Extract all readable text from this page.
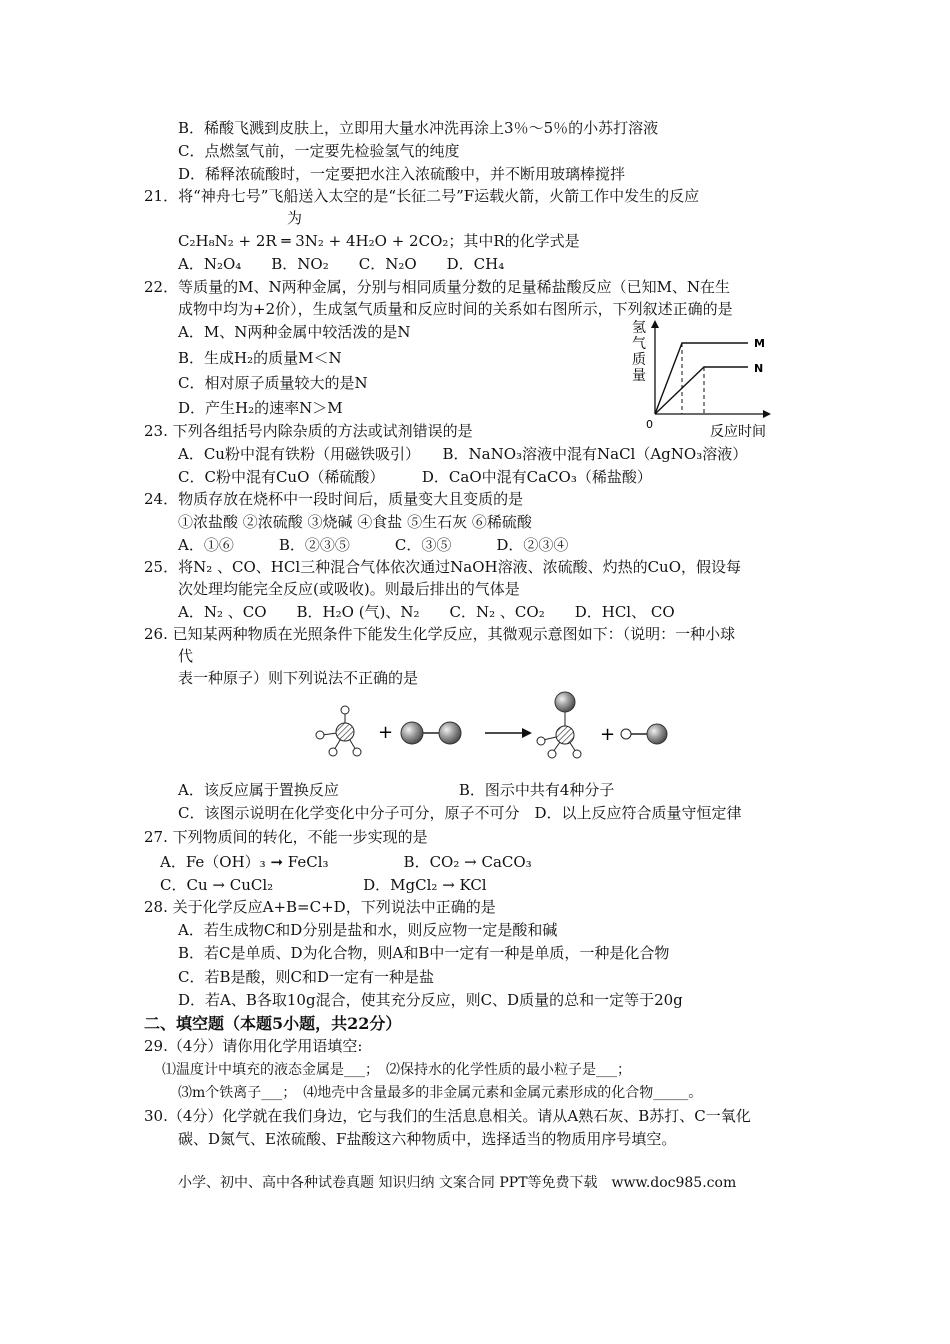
B．稀酸飞溅到皮肤上，立即用大量水冲洗再涂上3％～5％的小苏打溶液
C．点燃氢气前，一定要先检验氢气的纯度
D．稀释浓硫酸时，一定要把水注入浓硫酸中，并不断用玻璃棒搅拌
21．将“神舟七号”飞船送入太空的是“长征二号”F运载火箭，火箭工作中发生的反应
为
C₂H₈N₂ + 2R ═ 3N₂ + 4H₂O + 2CO₂；其中R的化学式是
A．N₂O₄　　B．NO₂　　C．N₂O　　D．CH₄
22．等质量的M、N两种金属，分别与相同质量分数的足量稀盐酸反应（已知M、N在生
成物中均为+2价），生成氢气质量和反应时间的关系如右图所示，下列叙述正确的是
A．M、N两种金属中较活泼的是N
B．生成H₂的质量M＜N
C．相对原子质量较大的是N
D．产生H₂的速率N＞M
23. 下列各组括号内除杂质的方法或试剂错误的是
A．Cu粉中混有铁粉（用磁铁吸引）　　B．NaNO₃溶液中混有NaCl（AgNO₃溶液）
C．C粉中混有CuO（稀硫酸）　　　D．CaO中混有CaCO₃（稀盐酸）
24．物质存放在烧杯中一段时间后，质量变大且变质的是
①浓盐酸 ②浓硫酸 ③烧碱 ④食盐 ⑤生石灰 ⑥稀硫酸
A．①⑥　　　B．②③⑤　　　C．③⑤　　　D．②③④
25．将N₂ 、CO、HCl三种混合气体依次通过NaOH溶液、浓硫酸、灼热的CuO，假设每
次处理均能完全反应(或吸收)。则最后排出的气体是
A．N₂ 、CO　　B．H₂O (气)、N₂　　C．N₂ 、CO₂　　D．HCl、 CO
26. 已知某两种物质在光照条件下能发生化学反应，其微观示意图如下：（说明：一种小球
代
表一种原子）则下列说法不正确的是
+	+
A．该反应属于置换反应　　　　　　　　B．图示中共有4种分子
C．该图示说明在化学变化中分子可分，原子不可分　D．以上反应符合质量守恒定律
27. 下列物质间的转化，不能一步实现的是
A．Fe（OH）₃ ➞ FeCl₃　　　　　B．CO₂ → CaCO₃
C．Cu → CuCl₂　　　　　　D．MgCl₂ → KCl
28. 关于化学反应A+B=C+D，下列说法中正确的是
A．若生成物C和D分别是盐和水，则反应物一定是酸和碱
B．若C是单质、D为化合物，则A和B中一定有一种是单质，一种是化合物
C．若B是酸，则C和D一定有一种是盐
D．若A、B各取10g混合，使其充分反应，则C、D质量的总和一定等于20g
二、填空题（本题5小题，共22分）
29.（4分）请你用化学用语填空:
⑴温度计中填充的液态金属是___；　⑵保持水的化学性质的最小粒子是___；
⑶m个铁离子___；　⑷地壳中含量最多的非金属元素和金属元素形成的化合物_____。
30.（4分）化学就在我们身边，它与我们的生活息息相关。请从A熟石灰、B苏打、C一氧化
碳、D氮气、E浓硫酸、F盐酸这六种物质中，选择适当的物质用序号填空。
小学、初中、高中各种试卷真题 知识归纳 文案合同 PPT等免费下载　www.doc985.com
氢
气
质
量
0	反应时间
M
N
